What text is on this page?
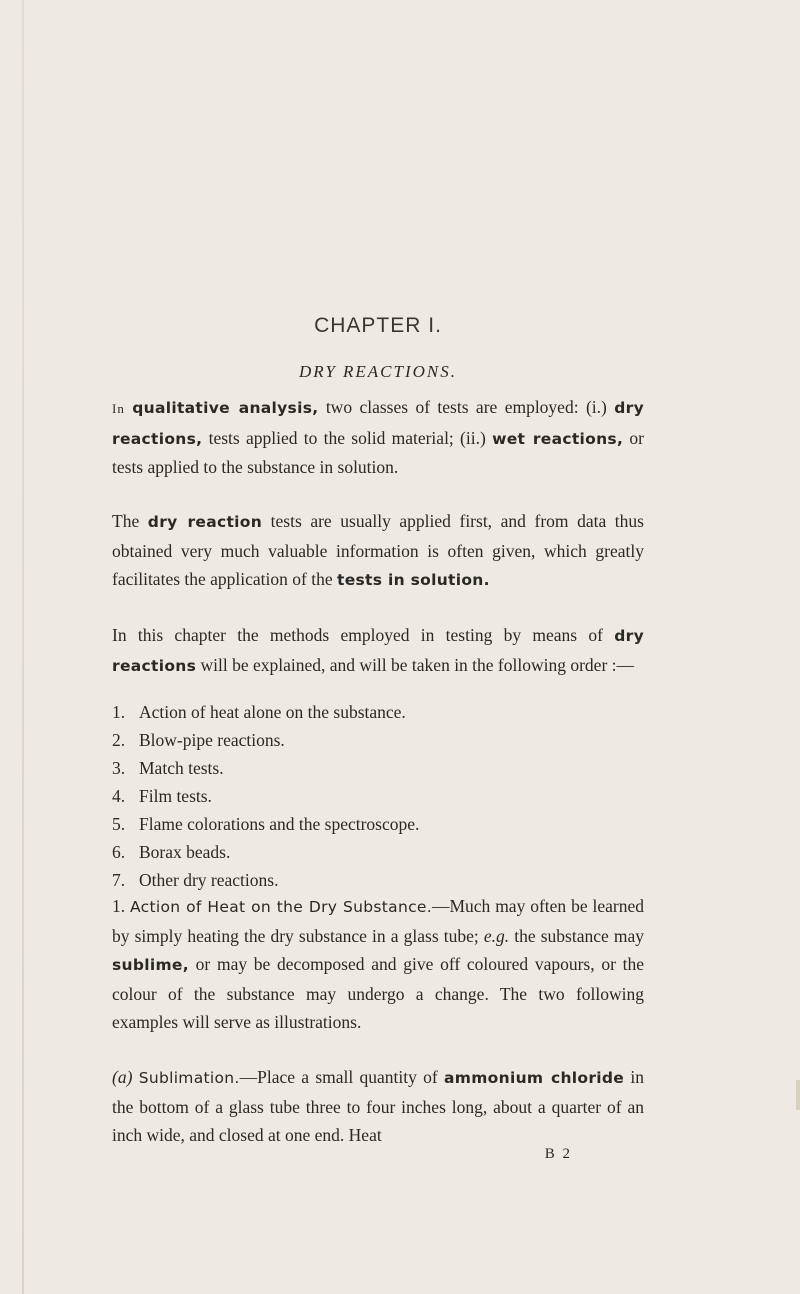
CHAPTER I.
DRY REACTIONS.

In qualitative analysis, two classes of tests are employed: (i.) dry reactions, tests applied to the solid material; (ii.) wet reactions, or tests applied to the substance in solution.

The dry reaction tests are usually applied first, and from data thus obtained very much valuable information is often given, which greatly facilitates the application of the tests in solution.

In this chapter the methods employed in testing by means of dry reactions will be explained, and will be taken in the following order :—

1. Action of heat alone on the substance.
2. Blow-pipe reactions.
3. Match tests.
4. Film tests.
5. Flame colorations and the spectroscope.
6. Borax beads.
7. Other dry reactions.

1. Action of Heat on the Dry Substance.—Much may often be learned by simply heating the dry substance in a glass tube; e.g. the substance may sublime, or may be decomposed and give off coloured vapours, or the colour of the substance may undergo a change. The two following examples will serve as illustrations.

(a) Sublimation.—Place a small quantity of ammonium chloride in the bottom of a glass tube three to four inches long, about a quarter of an inch wide, and closed at one end. Heat

B 2
